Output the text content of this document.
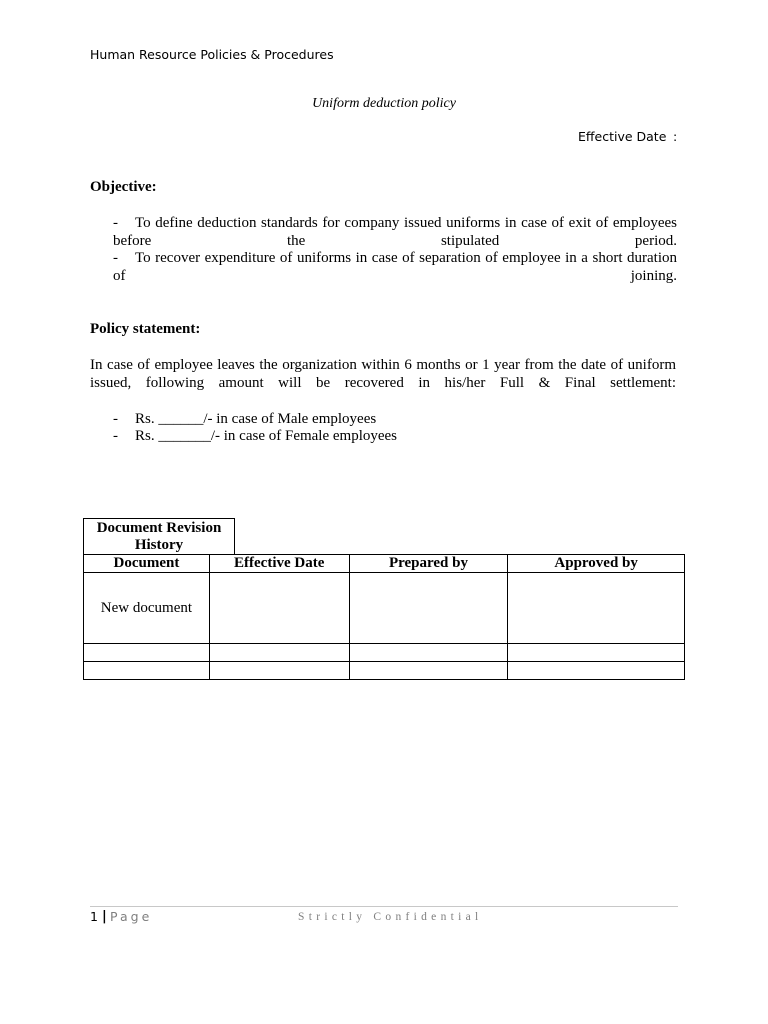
Human Resource Policies & Procedures
Uniform deduction policy
Effective Date :
Objective:
-	To define deduction standards for company issued uniforms in case of exit of employees before the stipulated period.
-	To recover expenditure of uniforms in case of separation of employee in a short duration of joining.
Policy statement:
In case of employee leaves the organization within 6 months or 1 year from the date of uniform issued, following amount will be recovered in his/her Full & Final settlement:
- Rs. ______/- in case of Male employees
- Rs. _______/- in case of Female employees
Document Revision History
Document	Effective Date	Prepared by	Approved by
New document			

1 | Page	Strictly Confidential
